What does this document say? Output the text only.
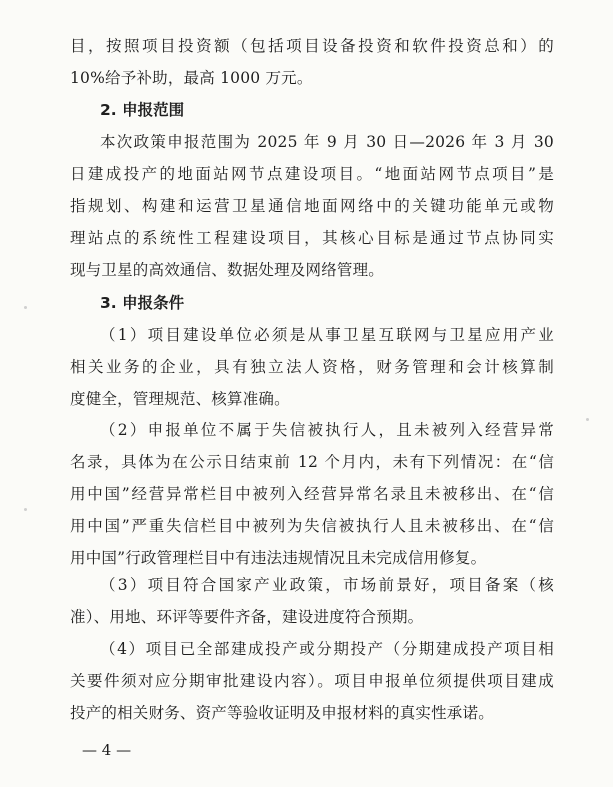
目，按照项目投资额（包括项目设备投资和软件投资总和）的
10%给予补助，最高 1000 万元。
2. 申报范围
本次政策申报范围为 2025 年 9 月 30 日—2026 年 3 月 30
日建成投产的地面站网节点建设项目。“地面站网节点项目”是
指规划、构建和运营卫星通信地面网络中的关键功能单元或物
理站点的系统性工程建设项目，其核心目标是通过节点协同实
现与卫星的高效通信、数据处理及网络管理。
3. 申报条件
（1）项目建设单位必须是从事卫星互联网与卫星应用产业
相关业务的企业，具有独立法人资格，财务管理和会计核算制
度健全，管理规范、核算准确。
（2）申报单位不属于失信被执行人，且未被列入经营异常
名录，具体为在公示日结束前 12 个月内，未有下列情况：在“信
用中国”经营异常栏目中被列入经营异常名录且未被移出、在“信
用中国”严重失信栏目中被列为失信被执行人且未被移出、在“信
用中国”行政管理栏目中有违法违规情况且未完成信用修复。
（3）项目符合国家产业政策，市场前景好，项目备案（核
准）、用地、环评等要件齐备，建设进度符合预期。
— 4 —
（4）项目已全部建成投产或分期投产（分期建成投产项目相
关要件须对应分期审批建设内容）。项目申报单位须提供项目建成
投产的相关财务、资产等验收证明及申报材料的真实性承诺。
